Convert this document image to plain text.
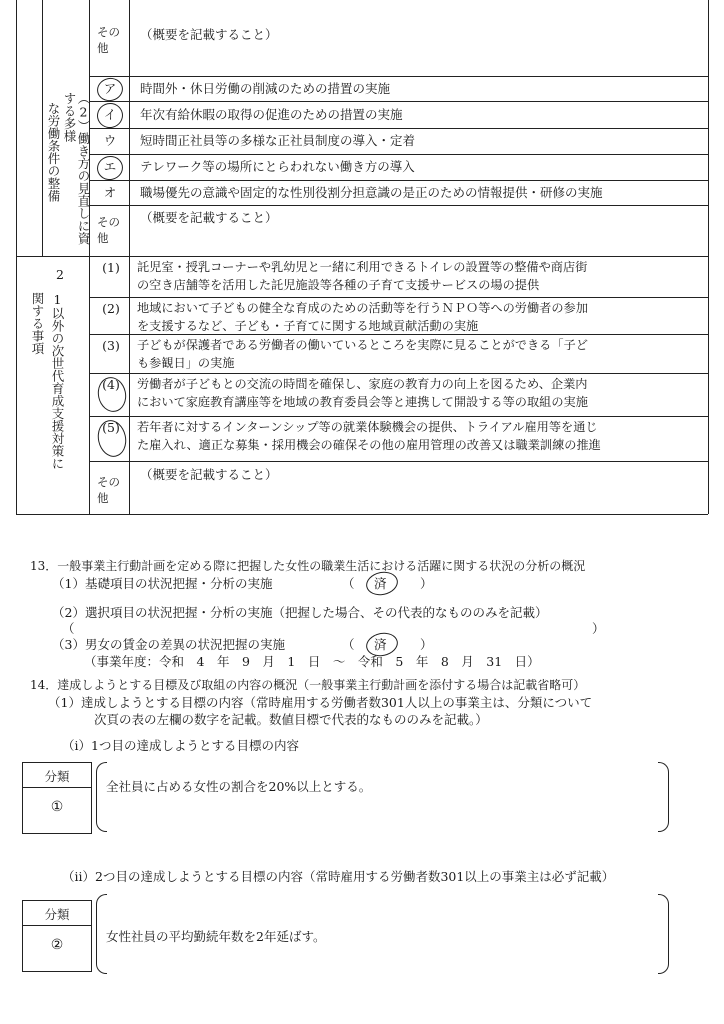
その他
（概要を記載すること）
（2）働き方の見直しに資する多様
な労働条件の整備
ア	時間外・休日労働の削減のための措置の実施
イ	年次有給休暇の取得の促進のための措置の実施
ウ	短時間正社員等の多様な正社員制度の導入・定着
エ	テレワーク等の場所にとらわれない働き方の導入
オ	職場優先の意識や固定的な性別役割分担意識の是正のための情報提供・研修の実施
その他
（概要を記載すること）
2
1以外の次世代育成支援対策に
関する事項
(1)	託児室・授乳コーナーや乳幼児と一緒に利用できるトイレの設置等の整備や商店街
の空き店舗等を活用した託児施設等各種の子育て支援サービスの場の提供
(2)	地域において子どもの健全な育成のための活動等を行うＮＰＯ等への労働者の参加
を支援するなど、子ども・子育てに関する地域貢献活動の実施
(3)	子どもが保護者である労働者の働いているところを実際に見ることができる「子ど
も参観日」の実施
(4)	労働者が子どもとの交流の時間を確保し、家庭の教育力の向上を図るため、企業内
において家庭教育講座等を地域の教育委員会等と連携して開設する等の取組の実施
(5)	若年者に対するインターンシップ等の就業体験機会の提供、トライアル雇用等を通じ
た雇入れ、適正な募集・採用機会の確保その他の雇用管理の改善又は職業訓練の推進
その他
（概要を記載すること）
13．一般事業主行動計画を定める際に把握した女性の職業生活における活躍に関する状況の分析の概況
（1）基礎項目の状況把握・分析の実施	（ 済	）
（2）選択項目の状況把握・分析の実施（把握した場合、その代表的なもののみを記載）
（	）
（3）男女の賃金の差異の状況把握の実施	（ 済	）
（事業年度：令和　4　年　9　月　1　日　〜　令和　5　年　8　月　31　日）
14．達成しようとする目標及び取組の内容の概況（一般事業主行動計画を添付する場合は記載省略可）
（1）達成しようとする目標の内容（常時雇用する労働者数301人以上の事業主は、分類について
次頁の表の左欄の数字を記載。数値目標で代表的なもののみを記載。）
（ⅰ）1つ目の達成しようとする目標の内容
分類
①
全社員に占める女性の割合を20%以上とする。
（ⅱ）2つ目の達成しようとする目標の内容（常時雇用する労働者数301以上の事業主は必ず記載）
分類
②
女性社員の平均勤続年数を2年延ばす。
